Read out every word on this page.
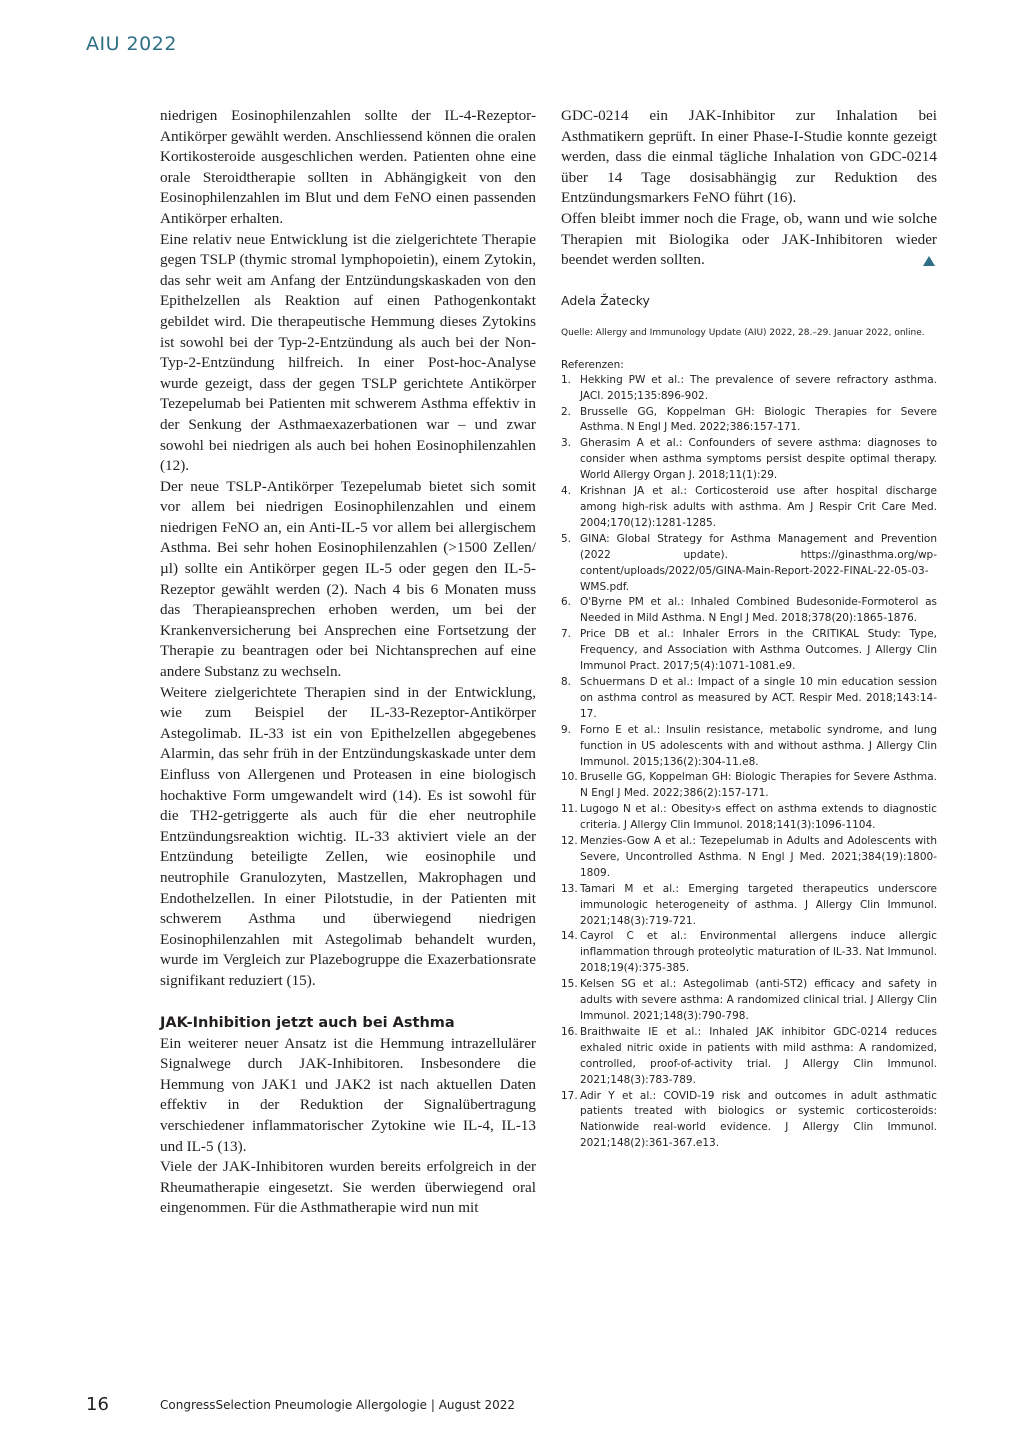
AIU 2022

niedrigen Eosinophilenzahlen sollte der IL-4-Rezeptor-Antikörper gewählt werden. Anschliessend können die oralen Kortikosteroide ausgeschlichen werden. Patienten ohne eine orale Steroidtherapie sollten in Abhängigkeit von den Eosinophilenzahlen im Blut und dem FeNO einen passenden Antikörper erhalten.

Eine relativ neue Entwicklung ist die zielgerichtete Therapie gegen TSLP (thymic stromal lymphopoietin), einem Zytokin, das sehr weit am Anfang der Entzündungskaskaden von den Epithelzellen als Reaktion auf einen Pathogenkontakt gebildet wird. Die therapeutische Hemmung dieses Zytokins ist sowohl bei der Typ-2-Entzündung als auch bei der Non-Typ-2-Entzündung hilfreich. In einer Post-hoc-Analyse wurde gezeigt, dass der gegen TSLP gerichtete Antikörper Tezepelumab bei Patienten mit schwerem Asthma effektiv in der Senkung der Asthmaexazerbationen war – und zwar sowohl bei niedrigen als auch bei hohen Eosinophilenzahlen (12).

Der neue TSLP-Antikörper Tezepelumab bietet sich somit vor allem bei niedrigen Eosinophilenzahlen und einem niedrigen FeNO an, ein Anti-IL-5 vor allem bei allergischem Asthma. Bei sehr hohen Eosinophilenzahlen (>1500 Zellen/µl) sollte ein Antikörper gegen IL-5 oder gegen den IL-5-Rezeptor gewählt werden (2). Nach 4 bis 6 Monaten muss das Therapieansprechen erhoben werden, um bei der Krankenversicherung bei Ansprechen eine Fortsetzung der Therapie zu beantragen oder bei Nichtansprechen auf eine andere Substanz zu wechseln.

Weitere zielgerichtete Therapien sind in der Entwicklung, wie zum Beispiel der IL-33-Rezeptor-Antikörper Astegolimab. IL-33 ist ein von Epithelzellen abgegebenes Alarmin, das sehr früh in der Entzündungskaskade unter dem Einfluss von Allergenen und Proteasen in eine biologisch hochaktive Form umgewandelt wird (14). Es ist sowohl für die TH2-getriggerte als auch für die eher neutrophile Entzündungsreaktion wichtig. IL-33 aktiviert viele an der Entzündung beteiligte Zellen, wie eosinophile und neutrophile Granulozyten, Mastzellen, Makrophagen und Endothelzellen. In einer Pilotstudie, in der Patienten mit schwerem Asthma und überwiegend niedrigen Eosinophilenzahlen mit Astegolimab behandelt wurden, wurde im Vergleich zur Plazebogruppe die Exazerbationsrate signifikant reduziert (15).

JAK-Inhibition jetzt auch bei Asthma

Ein weiterer neuer Ansatz ist die Hemmung intrazellulärer Signalwege durch JAK-Inhibitoren. Insbesondere die Hemmung von JAK1 und JAK2 ist nach aktuellen Daten effektiv in der Reduktion der Signalübertragung verschiedener inflammatorischer Zytokine wie IL-4, IL-13 und IL-5 (13).

Viele der JAK-Inhibitoren wurden bereits erfolgreich in der Rheumatherapie eingesetzt. Sie werden überwiegend oral eingenommen. Für die Asthmatherapie wird nun mit

GDC-0214 ein JAK-Inhibitor zur Inhalation bei Asthmatikern geprüft. In einer Phase-I-Studie konnte gezeigt werden, dass die einmal tägliche Inhalation von GDC-0214 über 14 Tage dosisabhängig zur Reduktion des Entzündungsmarkers FeNO führt (16).

Offen bleibt immer noch die Frage, ob, wann und wie solche Therapien mit Biologika oder JAK-Inhibitoren wieder beendet werden sollten.

Adela Žatecky
Quelle: Allergy and Immunology Update (AIU) 2022, 28.–29. Januar 2022, online.
Referenzen:
1. Hekking PW et al.: The prevalence of severe refractory asthma. JACI. 2015;135:896-902.
2. Brusselle GG, Koppelman GH: Biologic Therapies for Severe Asthma. N Engl J Med. 2022;386:157-171.
3. Gherasim A et al.: Confounders of severe asthma: diagnoses to consider when asthma symptoms persist despite optimal therapy. World Allergy Organ J. 2018;11(1):29.
4. Krishnan JA et al.: Corticosteroid use after hospital discharge among high-risk adults with asthma. Am J Respir Crit Care Med. 2004;170(12):1281-1285.
5. GINA: Global Strategy for Asthma Management and Prevention (2022 update). https://ginasthma.org/wp-content/uploads/2022/05/GINA-Main-Report-2022-FINAL-22-05-03-WMS.pdf.
6. O'Byrne PM et al.: Inhaled Combined Budesonide-Formoterol as Needed in Mild Asthma. N Engl J Med. 2018;378(20):1865-1876.
7. Price DB et al.: Inhaler Errors in the CRITIKAL Study: Type, Frequency, and Association with Asthma Outcomes. J Allergy Clin Immunol Pract. 2017;5(4):1071-1081.e9.
8. Schuermans D et al.: Impact of a single 10 min education session on asthma control as measured by ACT. Respir Med. 2018;143:14-17.
9. Forno E et al.: Insulin resistance, metabolic syndrome, and lung function in US adolescents with and without asthma. J Allergy Clin Immunol. 2015;136(2):304-11.e8.
10. Bruselle GG, Koppelman GH: Biologic Therapies for Severe Asthma. N Engl J Med. 2022;386(2):157-171.
11. Lugogo N et al.: Obesity›s effect on asthma extends to diagnostic criteria. J Allergy Clin Immunol. 2018;141(3):1096-1104.
12. Menzies-Gow A et al.: Tezepelumab in Adults and Adolescents with Severe, Uncontrolled Asthma. N Engl J Med. 2021;384(19):1800-1809.
13. Tamari M et al.: Emerging targeted therapeutics underscore immunologic heterogeneity of asthma. J Allergy Clin Immunol. 2021;148(3):719-721.
14. Cayrol C et al.: Environmental allergens induce allergic inflammation through proteolytic maturation of IL-33. Nat Immunol. 2018;19(4):375-385.
15. Kelsen SG et al.: Astegolimab (anti-ST2) efficacy and safety in adults with severe asthma: A randomized clinical trial. J Allergy Clin Immunol. 2021;148(3):790-798.
16. Braithwaite IE et al.: Inhaled JAK inhibitor GDC-0214 reduces exhaled nitric oxide in patients with mild asthma: A randomized, controlled, proof-of-activity trial. J Allergy Clin Immunol. 2021;148(3):783-789.
17. Adir Y et al.: COVID-19 risk and outcomes in adult asthmatic patients treated with biologics or systemic corticosteroids: Nationwide real-world evidence. J Allergy Clin Immunol. 2021;148(2):361-367.e13.
16	CongressSelection Pneumologie Allergologie | August 2022
